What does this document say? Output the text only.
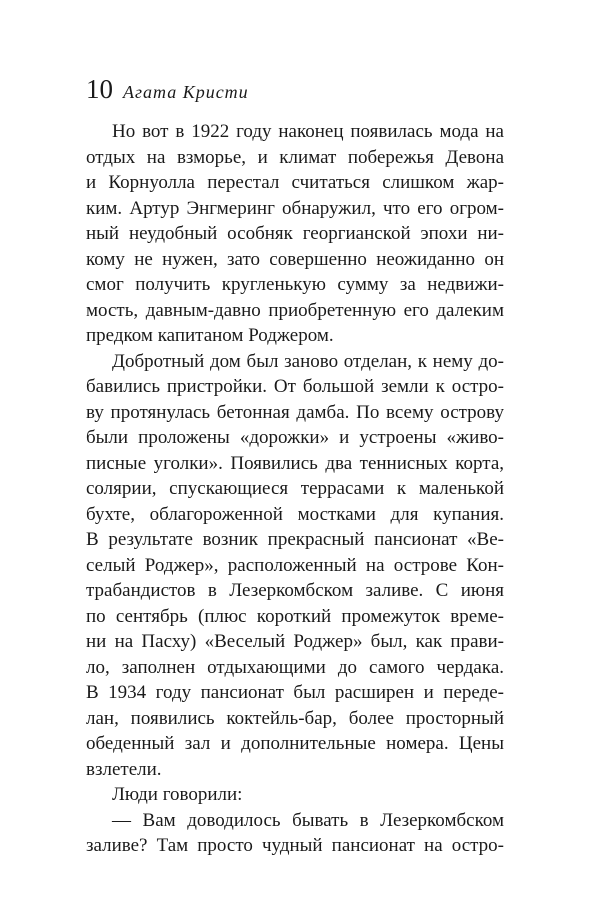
10 Агата Кристи
Но вот в 1922 году наконец появилась мода на
отдых на взморье, и климат побережья Девона
и Корнуолла перестал считаться слишком жар-
ким. Артур Энгмеринг обнаружил, что его огром-
ный неудобный особняк георгианской эпохи ни-
кому не нужен, зато совершенно неожиданно он
смог получить кругленькую сумму за недвижи-
мость, давным-давно приобретенную его далеким
предком капитаном Роджером.
Добротный дом был заново отделан, к нему до-
бавились пристройки. От большой земли к остро-
ву протянулась бетонная дамба. По всему острову
были проложены «дорожки» и устроены «живо-
писные уголки». Появились два теннисных корта,
солярии, спускающиеся террасами к маленькой
бухте, облагороженной мостками для купания.
В результате возник прекрасный пансионат «Ве-
селый Роджер», расположенный на острове Кон-
трабандистов в Лезеркомбском заливе. С июня
по сентябрь (плюс короткий промежуток време-
ни на Пасху) «Веселый Роджер» был, как прави-
ло, заполнен отдыхающими до самого чердака.
В 1934 году пансионат был расширен и переде-
лан, появились коктейль-бар, более просторный
обеденный зал и дополнительные номера. Цены
взлетели.
Люди говорили:
— Вам доводилось бывать в Лезеркомбском
заливе? Там просто чудный пансионат на остро-
